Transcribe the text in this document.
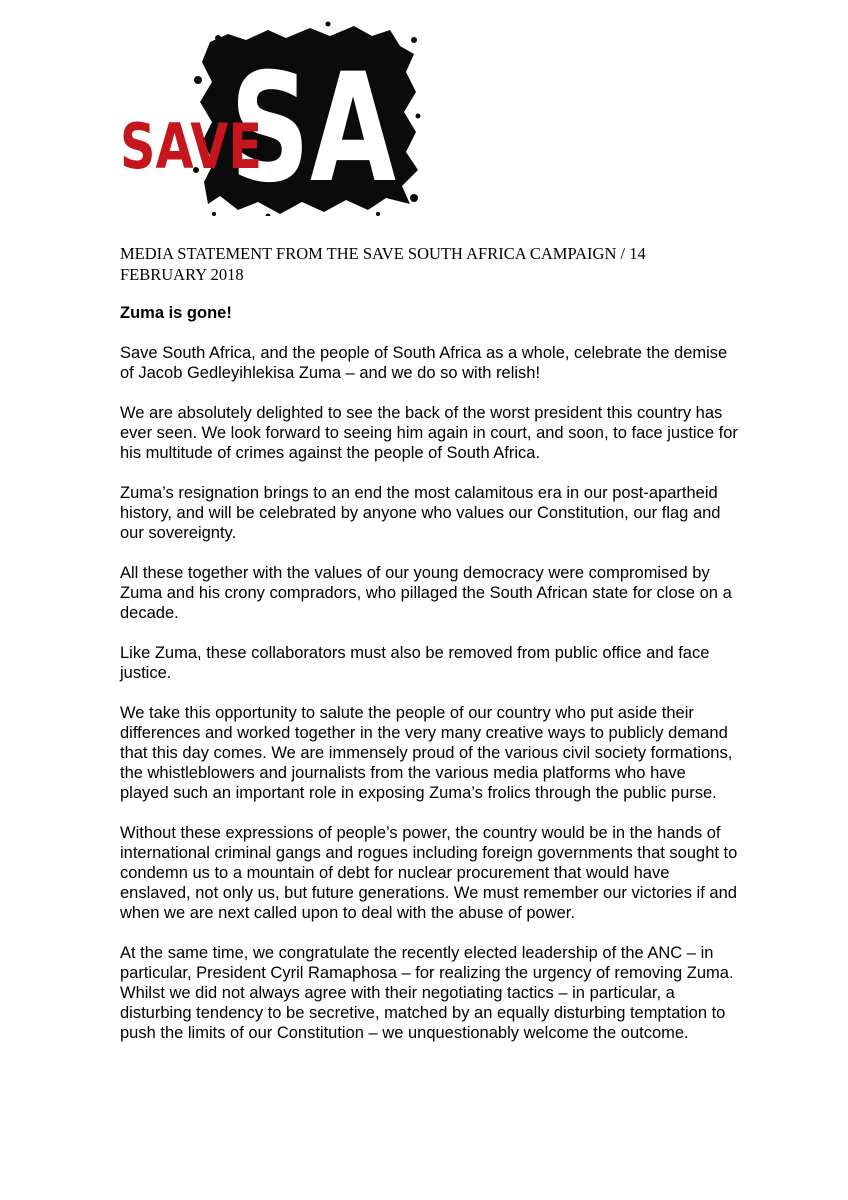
SA
SAVE
MEDIA STATEMENT FROM THE SAVE SOUTH AFRICA CAMPAIGN / 14 FEBRUARY 2018
Zuma is gone!

Save South Africa, and the people of South Africa as a whole, celebrate the demise of Jacob Gedleyihlekisa Zuma – and we do so with relish!

We are absolutely delighted to see the back of the worst president this country has ever seen. We look forward to seeing him again in court, and soon, to face justice for his multitude of crimes against the people of South Africa.

Zuma’s resignation brings to an end the most calamitous era in our post-apartheid history, and will be celebrated by anyone who values our Constitution, our flag and our sovereignty.

All these together with the values of our young democracy were compromised by Zuma and his crony compradors, who pillaged the South African state for close on a decade.

Like Zuma, these collaborators must also be removed from public office and face justice.

We take this opportunity to salute the people of our country who put aside their differences and worked together in the very many creative ways to publicly demand that this day comes. We are immensely proud of the various civil society formations, the whistleblowers and journalists from the various media platforms who have played such an important role in exposing Zuma’s frolics through the public purse.

Without these expressions of people’s power, the country would be in the hands of international criminal gangs and rogues including foreign governments that sought to condemn us to a mountain of debt for nuclear procurement that would have enslaved, not only us, but future generations. We must remember our victories if and when we are next called upon to deal with the abuse of power.

At the same time, we congratulate the recently elected leadership of the ANC – in particular, President Cyril Ramaphosa – for realizing the urgency of removing Zuma. Whilst we did not always agree with their negotiating tactics – in particular, a disturbing tendency to be secretive, matched by an equally disturbing temptation to push the limits of our Constitution – we unquestionably welcome the outcome.
